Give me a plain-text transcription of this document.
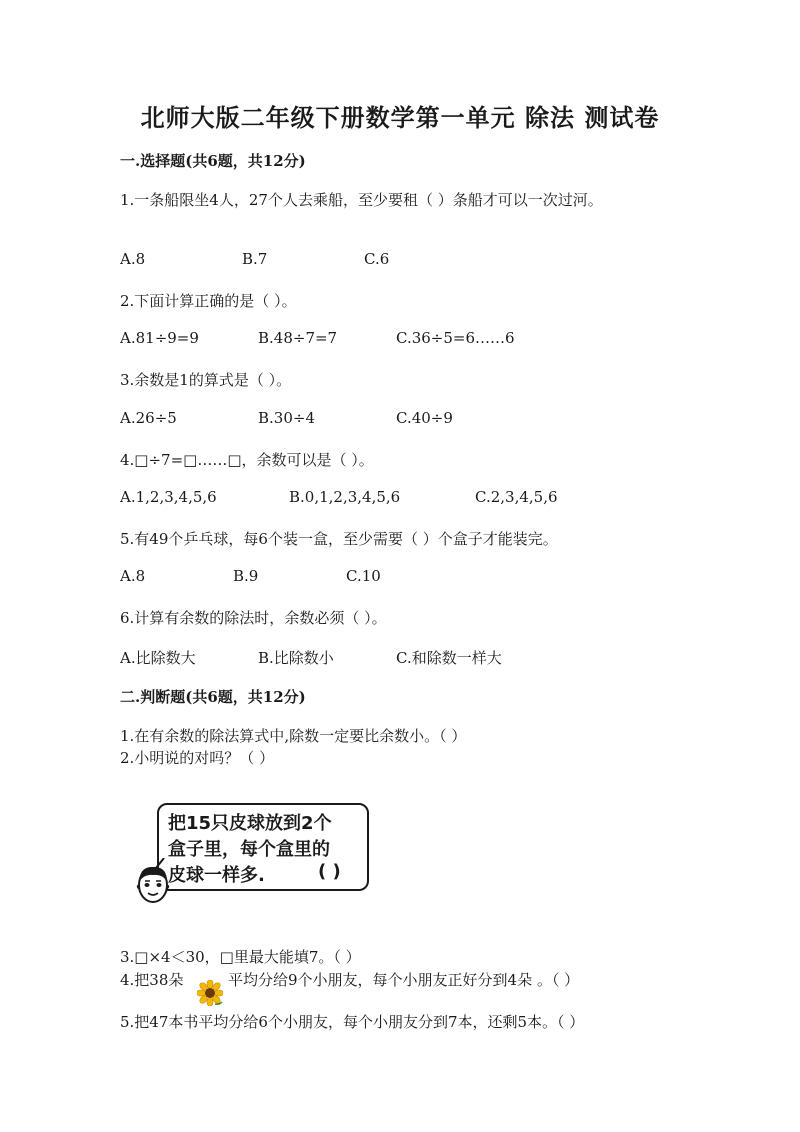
北师大版二年级下册数学第一单元 除法 测试卷
一.选择题(共6题，共12分)
1.一条船限坐4人，27个人去乘船，至少要租（ ）条船才可以一次过河。
A.8	B.7	C.6
2.下面计算正确的是（ ）。
A.81÷9=9	B.48÷7=7	C.36÷5=6……6
3.余数是1的算式是（ ）。
A.26÷5	B.30÷4	C.40÷9
4.□÷7=□……□，余数可以是（ ）。
A.1,2,3,4,5,6	B.0,1,2,3,4,5,6	C.2,3,4,5,6
5.有49个乒乓球，每6个装一盒，至少需要（ ）个盒子才能装完。
A.8	B.9	C.10
6.计算有余数的除法时，余数必须（ ）。
A.比除数大	B.比除数小	C.和除数一样大
二.判断题(共6题，共12分)
1.在有余数的除法算式中,除数一定要比余数小。（ ）
2.小明说的对吗？（ ）
把15只皮球放到2个
盒子里，每个盒里的
皮球一样多.	( )
3.□×4＜30，□里最大能填7。（ ）
4.把38朵	平均分给9个小朋友，每个小朋友正好分到4朵 。（ ）
5.把47本书平均分给6个小朋友，每个小朋友分到7本，还剩5本。（ ）
